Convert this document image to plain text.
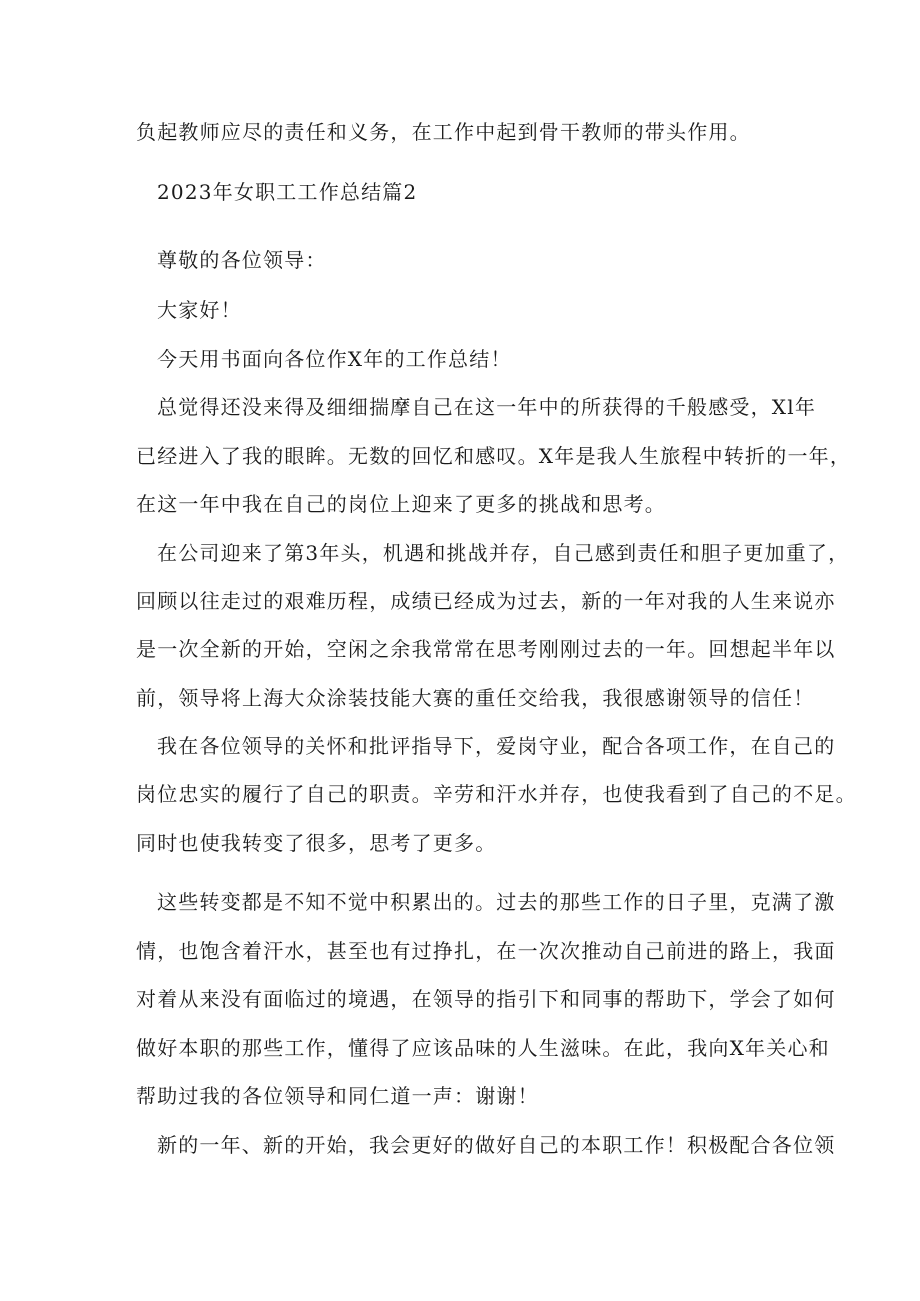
负起教师应尽的责任和义务，在工作中起到骨干教师的带头作用。
2023年女职工工作总结篇2
尊敬的各位领导：
大家好！
今天用书面向各位作X年的工作总结！
总觉得还没来得及细细揣摩自己在这一年中的所获得的千般感受，Xl年
已经进入了我的眼眸。无数的回忆和感叹。X年是我人生旅程中转折的一年，
在这一年中我在自己的岗位上迎来了更多的挑战和思考。
在公司迎来了第3年头，机遇和挑战并存，自己感到责任和胆子更加重了，
回顾以往走过的艰难历程，成绩已经成为过去，新的一年对我的人生来说亦
是一次全新的开始，空闲之余我常常在思考刚刚过去的一年。回想起半年以
前，领导将上海大众涂装技能大赛的重任交给我，我很感谢领导的信任！
我在各位领导的关怀和批评指导下，爱岗守业，配合各项工作，在自己的
岗位忠实的履行了自己的职责。辛劳和汗水并存，也使我看到了自己的不足。
同时也使我转变了很多，思考了更多。
这些转变都是不知不觉中积累出的。过去的那些工作的日子里，克满了激
情，也饱含着汗水，甚至也有过挣扎，在一次次推动自己前进的路上，我面
对着从来没有面临过的境遇，在领导的指引下和同事的帮助下，学会了如何
做好本职的那些工作，懂得了应该品味的人生滋味。在此，我向X年关心和
帮助过我的各位领导和同仁道一声：谢谢！
新的一年、新的开始，我会更好的做好自己的本职工作！积极配合各位领
